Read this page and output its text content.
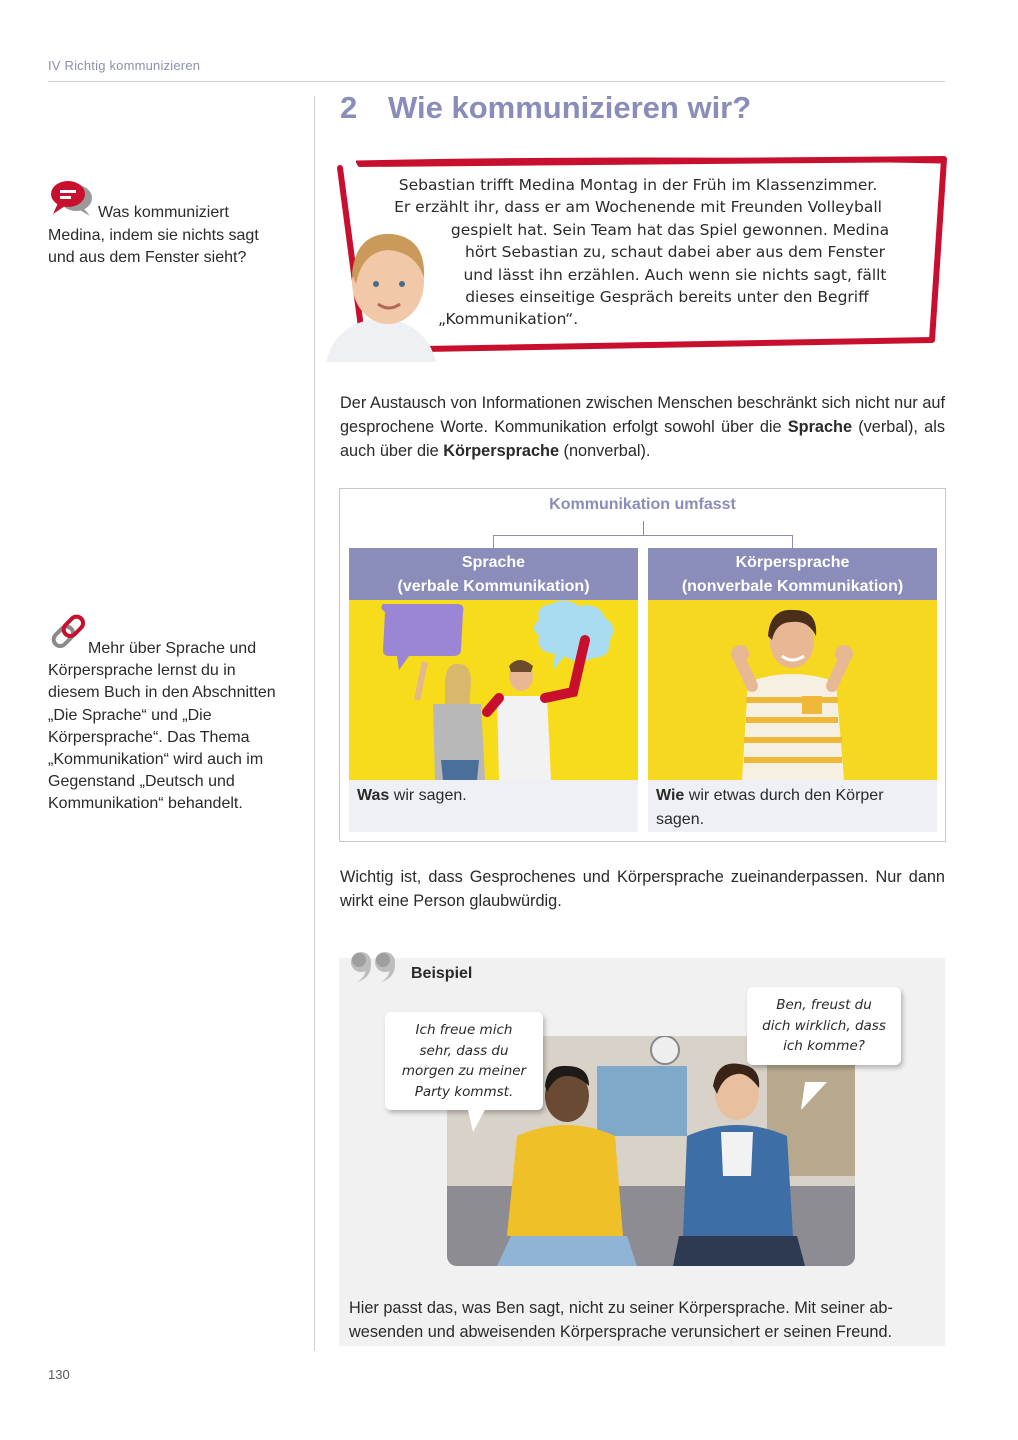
IV Richtig kommunizieren
2 Wie kommunizieren wir?
Was kommuniziert Medina, indem sie nichts sagt und aus dem Fenster sieht?
Mehr über Sprache und Körpersprache lernst du in diesem Buch in den Abschnitten „Die Sprache“ und „Die Körpersprache“. Das Thema „Kommunikation“ wird auch im Gegenstand „Deutsch und Kommunikation“ behandelt.
Sebastian trifft Medina Montag in der Früh im Klassenzimmer.
Er erzählt ihr, dass er am Wochenende mit Freunden Volleyball
gespielt hat. Sein Team hat das Spiel gewonnen. Medina
hört Sebastian zu, schaut dabei aber aus dem Fenster
und lässt ihn erzählen. Auch wenn sie nichts sagt, fällt
dieses einseitige Gespräch bereits unter den Begriff
„Kommunikation“.

Der Austausch von Informationen zwischen Menschen beschränkt sich nicht nur auf gesprochene Worte. Kommunikation erfolgt sowohl über die Sprache (verbal), als auch über die Körpersprache (nonverbal).

Kommunikation umfasst
Sprache
(verbale Kommunikation)
Was wir sagen.
Körpersprache
(nonverbale Kommunikation)
Wie wir etwas durch den Körper sagen.

Wichtig ist, dass Gesprochenes und Körpersprache zueinanderpassen. Nur dann wirkt eine Person glaubwürdig.

Beispiel
Ich freue mich
sehr, dass du
morgen zu meiner
Party kommst.
Ben, freust du
dich wirklich, dass
ich komme?
Hier passt das, was Ben sagt, nicht zu seiner Körpersprache. Mit seiner ab-
wesenden und abweisenden Körpersprache verunsichert er seinen Freund.
130
